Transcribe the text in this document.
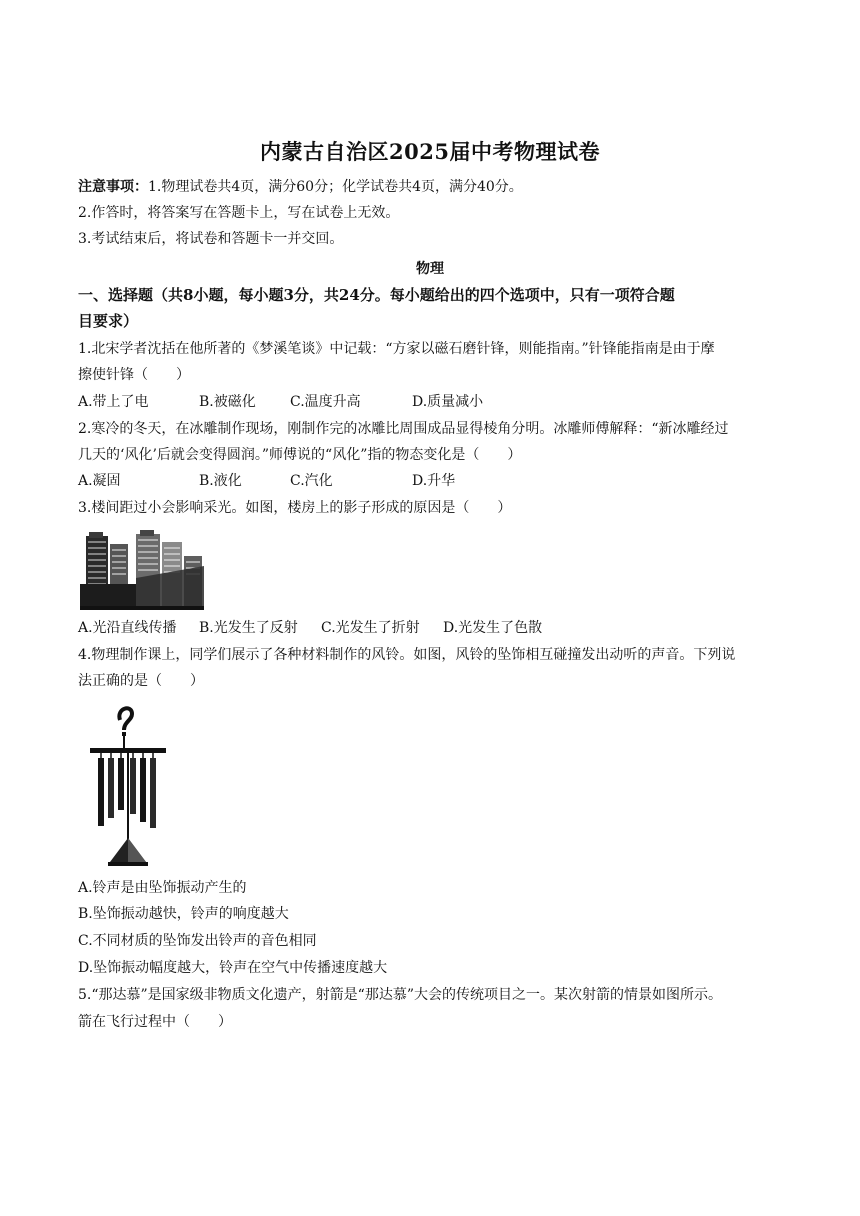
内蒙古自治区2025届中考物理试卷
注意事项：1.物理试卷共4页，满分60分；化学试卷共4页，满分40分。
2.作答时，将答案写在答题卡上，写在试卷上无效。
3.考试结束后，将试卷和答题卡一并交回。
物理
一、选择题（共8小题，每小题3分，共24分。每小题给出的四个选项中，只有一项符合题
目要求）
1.北宋学者沈括在他所著的《梦溪笔谈》中记载：“方家以磁石磨针锋，则能指南。”针锋能指南是由于摩
擦使针锋（　　）
A.带上了电	B.被磁化 C.温度升高	D.质量减小
2.寒冷的冬天，在冰雕制作现场，刚制作完的冰雕比周围成品显得棱角分明。冰雕师傅解释：“新冰雕经过
几天的‘风化’后就会变得圆润。”师傅说的“风化”指的物态变化是（　　）
A.凝固	B.液化	C.汽化	D.升华
3.楼间距过小会影响采光。如图，楼房上的影子形成的原因是（　　）
A.光沿直线传播 B.光发生了反射 C.光发生了折射 D.光发生了色散
4.物理制作课上，同学们展示了各种材料制作的风铃。如图，风铃的坠饰相互碰撞发出动听的声音。下列说
法正确的是（　　）
A.铃声是由坠饰振动产生的
B.坠饰振动越快，铃声的响度越大
C.不同材质的坠饰发出铃声的音色相同
D.坠饰振动幅度越大，铃声在空气中传播速度越大
5.“那达慕”是国家级非物质文化遗产，射箭是“那达慕”大会的传统项目之一。某次射箭的情景如图所示。
箭在飞行过程中（　　）
